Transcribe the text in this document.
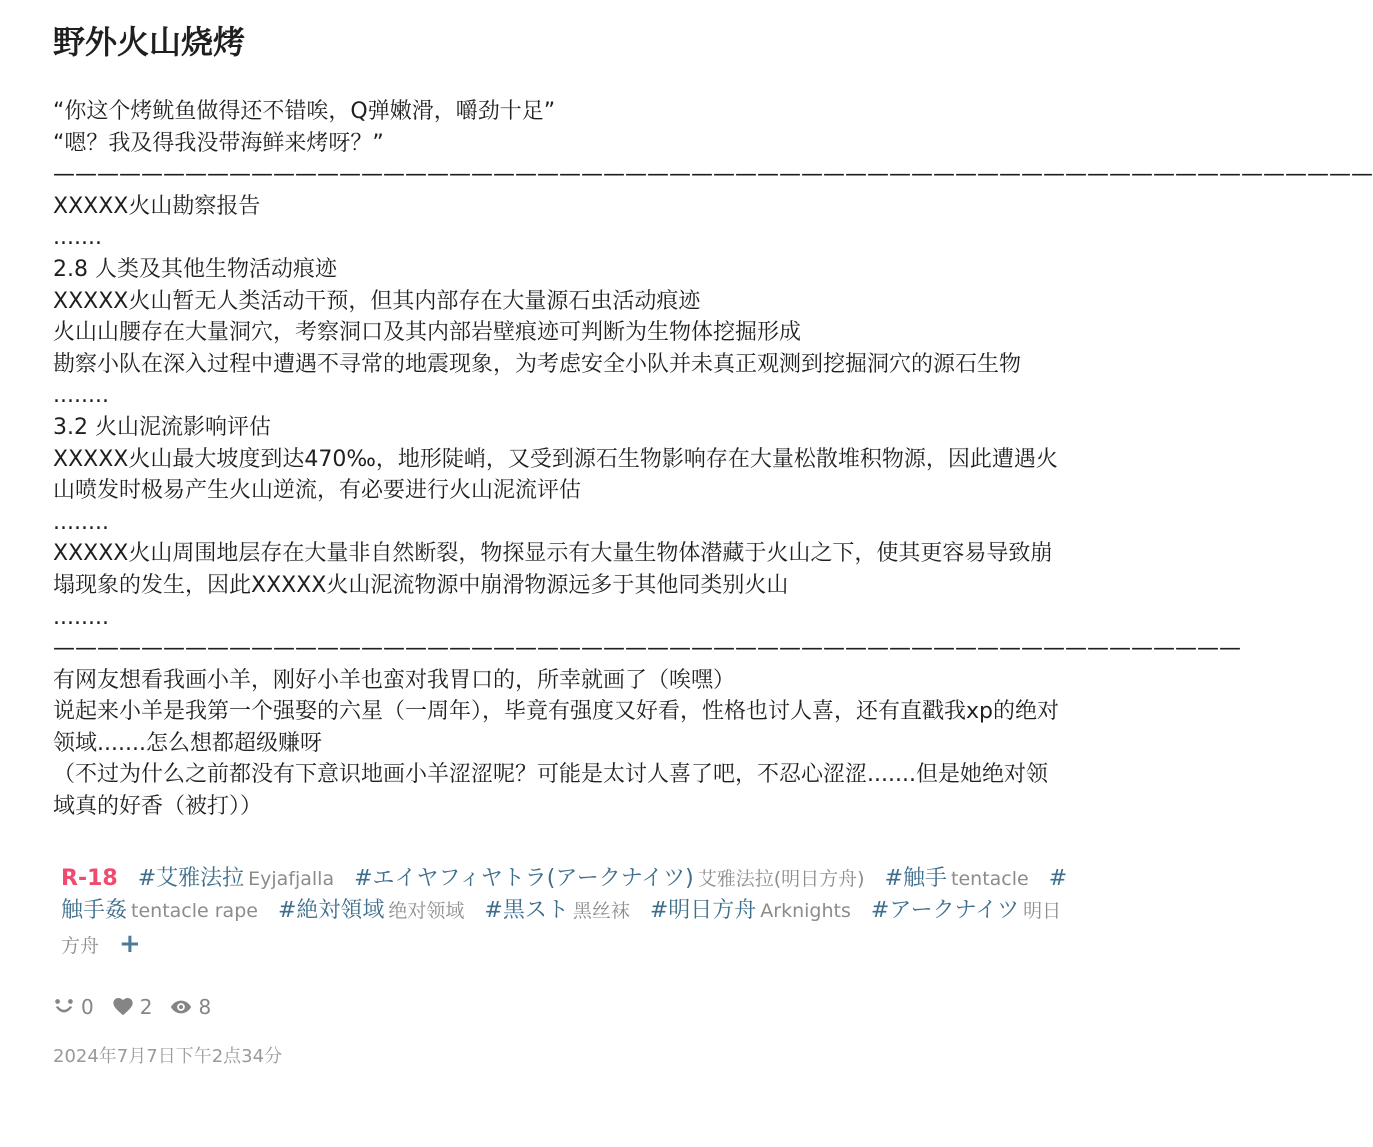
野外火山烧烤
“你这个烤鱿鱼做得还不错唉，Q弹嫩滑，嚼劲十足”
“嗯？我及得我没带海鲜来烤呀？”
————————————————————————————————————————————————————————————
XXXXX火山勘察报告
.......
2.8 人类及其他生物活动痕迹
XXXXX火山暂无人类活动干预，但其内部存在大量源石虫活动痕迹
火山山腰存在大量洞穴，考察洞口及其内部岩壁痕迹可判断为生物体挖掘形成
勘察小队在深入过程中遭遇不寻常的地震现象，为考虑安全小队并未真正观测到挖掘洞穴的源石生物
........
3.2 火山泥流影响评估
XXXXX火山最大坡度到达470‰，地形陡峭，又受到源石生物影响存在大量松散堆积物源，因此遭遇火山喷发时极易产生火山逆流，有必要进行火山泥流评估
........
XXXXX火山周围地层存在大量非自然断裂，物探显示有大量生物体潜藏于火山之下，使其更容易导致崩塌现象的发生，因此XXXXX火山泥流物源中崩滑物源远多于其他同类别火山
........
——————————————————————————————————————————————————————
有网友想看我画小羊，刚好小羊也蛮对我胃口的，所幸就画了（唉嘿）
说起来小羊是我第一个强娶的六星（一周年），毕竟有强度又好看，性格也讨人喜，还有直戳我xp的绝对领域.......怎么想都超级赚呀
（不过为什么之前都没有下意识地画小羊涩涩呢？可能是太讨人喜了吧，不忍心涩涩.......但是她绝对领域真的好香（被打））
R-18 #艾雅法拉 Eyjafjalla #エイヤフィヤトラ(アークナイツ) 艾雅法拉(明日方舟) #触手 tentacle #触手姦 tentacle rape #絶対領域 绝对领域 #黒スト 黑丝袜 #明日方舟 Arknights #アークナイツ 明日方舟 +
0 2 8
2024年7月7日下午2点34分
